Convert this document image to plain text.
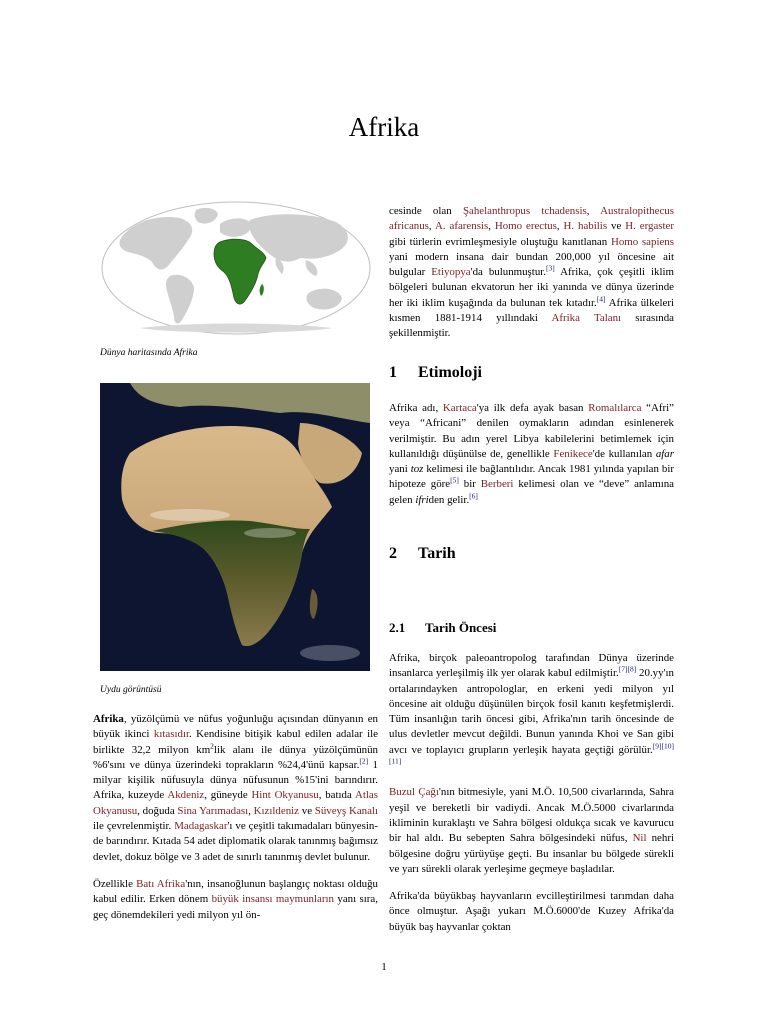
Afrika
Dünya haritasında Afrika
Uydu görüntüsü

Afrika, yüzölçümü ve nüfus yoğunluğu açısından dünyanın en büyük ikinci kıtasıdır. Kendisine bitişik kabul edilen adalar ile birlikte 32,2 milyon $km^2lik$ alanı ile dünya yüzölçümünün %6'sını ve dünya üzerindeki toprakların %24,4'ünü kapsar.[2] 1 milyar kişilik nüfusuyla dünya nüfusunun %15'ini barındırır. Afrika, kuzeyde Akdeniz, güneyde Hint Okyanusu, batıda Atlas Okyanusu, doğuda Sina Yarımadası, Kızıldeniz ve Süveyş Kanalı ile çevrelenmiştir. Madagaskar'ı ve çeşitli takımadaları bünyesinde barındırır. Kıtada 54 adet diplomatik olarak tanınmış bağımsız devlet, dokuz bölge ve 3 adet de sınırlı tanınmış devlet bulunur.

Özellikle Batı Afrika'nın, insanoğlunun başlangıç noktası olduğu kabul edilir. Erken dönem büyük insansı maymunların yanı sıra, geç dönemdekileri yedi milyon yıl ön-

cesinde olan Şahelanthropus tchadensis, Australopithecus africanus, A. afarensis, Homo erectus, H. habilis ve H. ergaster gibi türlerin evrimleşmesiyle oluştuğu kanıtlanan Homo sapiens yani modern insana dair bundan 200,000 yıl öncesine ait bulgular Etiyopya'da bulunmuştur.[3] Afrika, çok çeşitli iklim bölgeleri bulunan ekvatorun her iki yanında ve dünya üzerinde her iki iklim kuşağında da bulunan tek kıtadır.[4] Afrika ülkeleri kısmen 1881-1914 yıllındaki Afrika Talanı sırasında şekillenmiştir.

1 Etimoloji

Afrika adı, Kartaca'ya ilk defa ayak basan Romalılarca “Afri” veya “Africani” denilen oymakların adından esinlenerek verilmiştir. Bu adın yerel Libya kabilelerini betimlemek için kullanıldığı düşünülse de, genellikle Fenikece'de kullanılan afar yani toz kelimesi ile bağlantılıdır. Ancak 1981 yılında yapılan bir hipoteze göre[5] bir Berberi kelimesi olan ve “deve” anlamına gelen ifriden gelir.[6]

2 Tarih
2.1 Tarih Öncesi

Afrika, birçok paleoantropolog tarafından Dünya üzerinde insanlarca yerleşilmiş ilk yer olarak kabul edilmiştir.[7][8] 20.yy'ın ortalarındayken antropologlar, en erkeni yedi milyon yıl öncesine ait olduğu düşünülen birçok fosil kanıtı keşfetmişlerdi. Tüm insanlığın tarih öncesi gibi, Afrika'nın tarih öncesinde de ulus devletler mevcut değildi. Bunun yanında Khoi ve San gibi avcı ve toplayıcı grupların yerleşik hayata geçtiği görülür.[9][10][11]

Buzul Çağı'nın bitmesiyle, yani M.Ö. 10,500 civarlarında, Sahra yeşil ve bereketli bir vadiydi. Ancak M.Ö.5000 civarlarında ikliminin kuraklaştı ve Sahra bölgesi oldukça sıcak ve kavurucu bir hal aldı. Bu sebepten Sahra bölgesindeki nüfus, Nil nehri bölgesine doğru yürüyüşe geçti. Bu insanlar bu bölgede sürekli ve yarı sürekli olarak yerleşime geçmeye başladılar.

Afrika'da büyükbaş hayvanların evcilleştirilmesi tarımdan daha önce olmuştur. Aşağı yukarı M.Ö.6000'de Kuzey Afrika'da büyük baş hayvanlar çoktan

1
